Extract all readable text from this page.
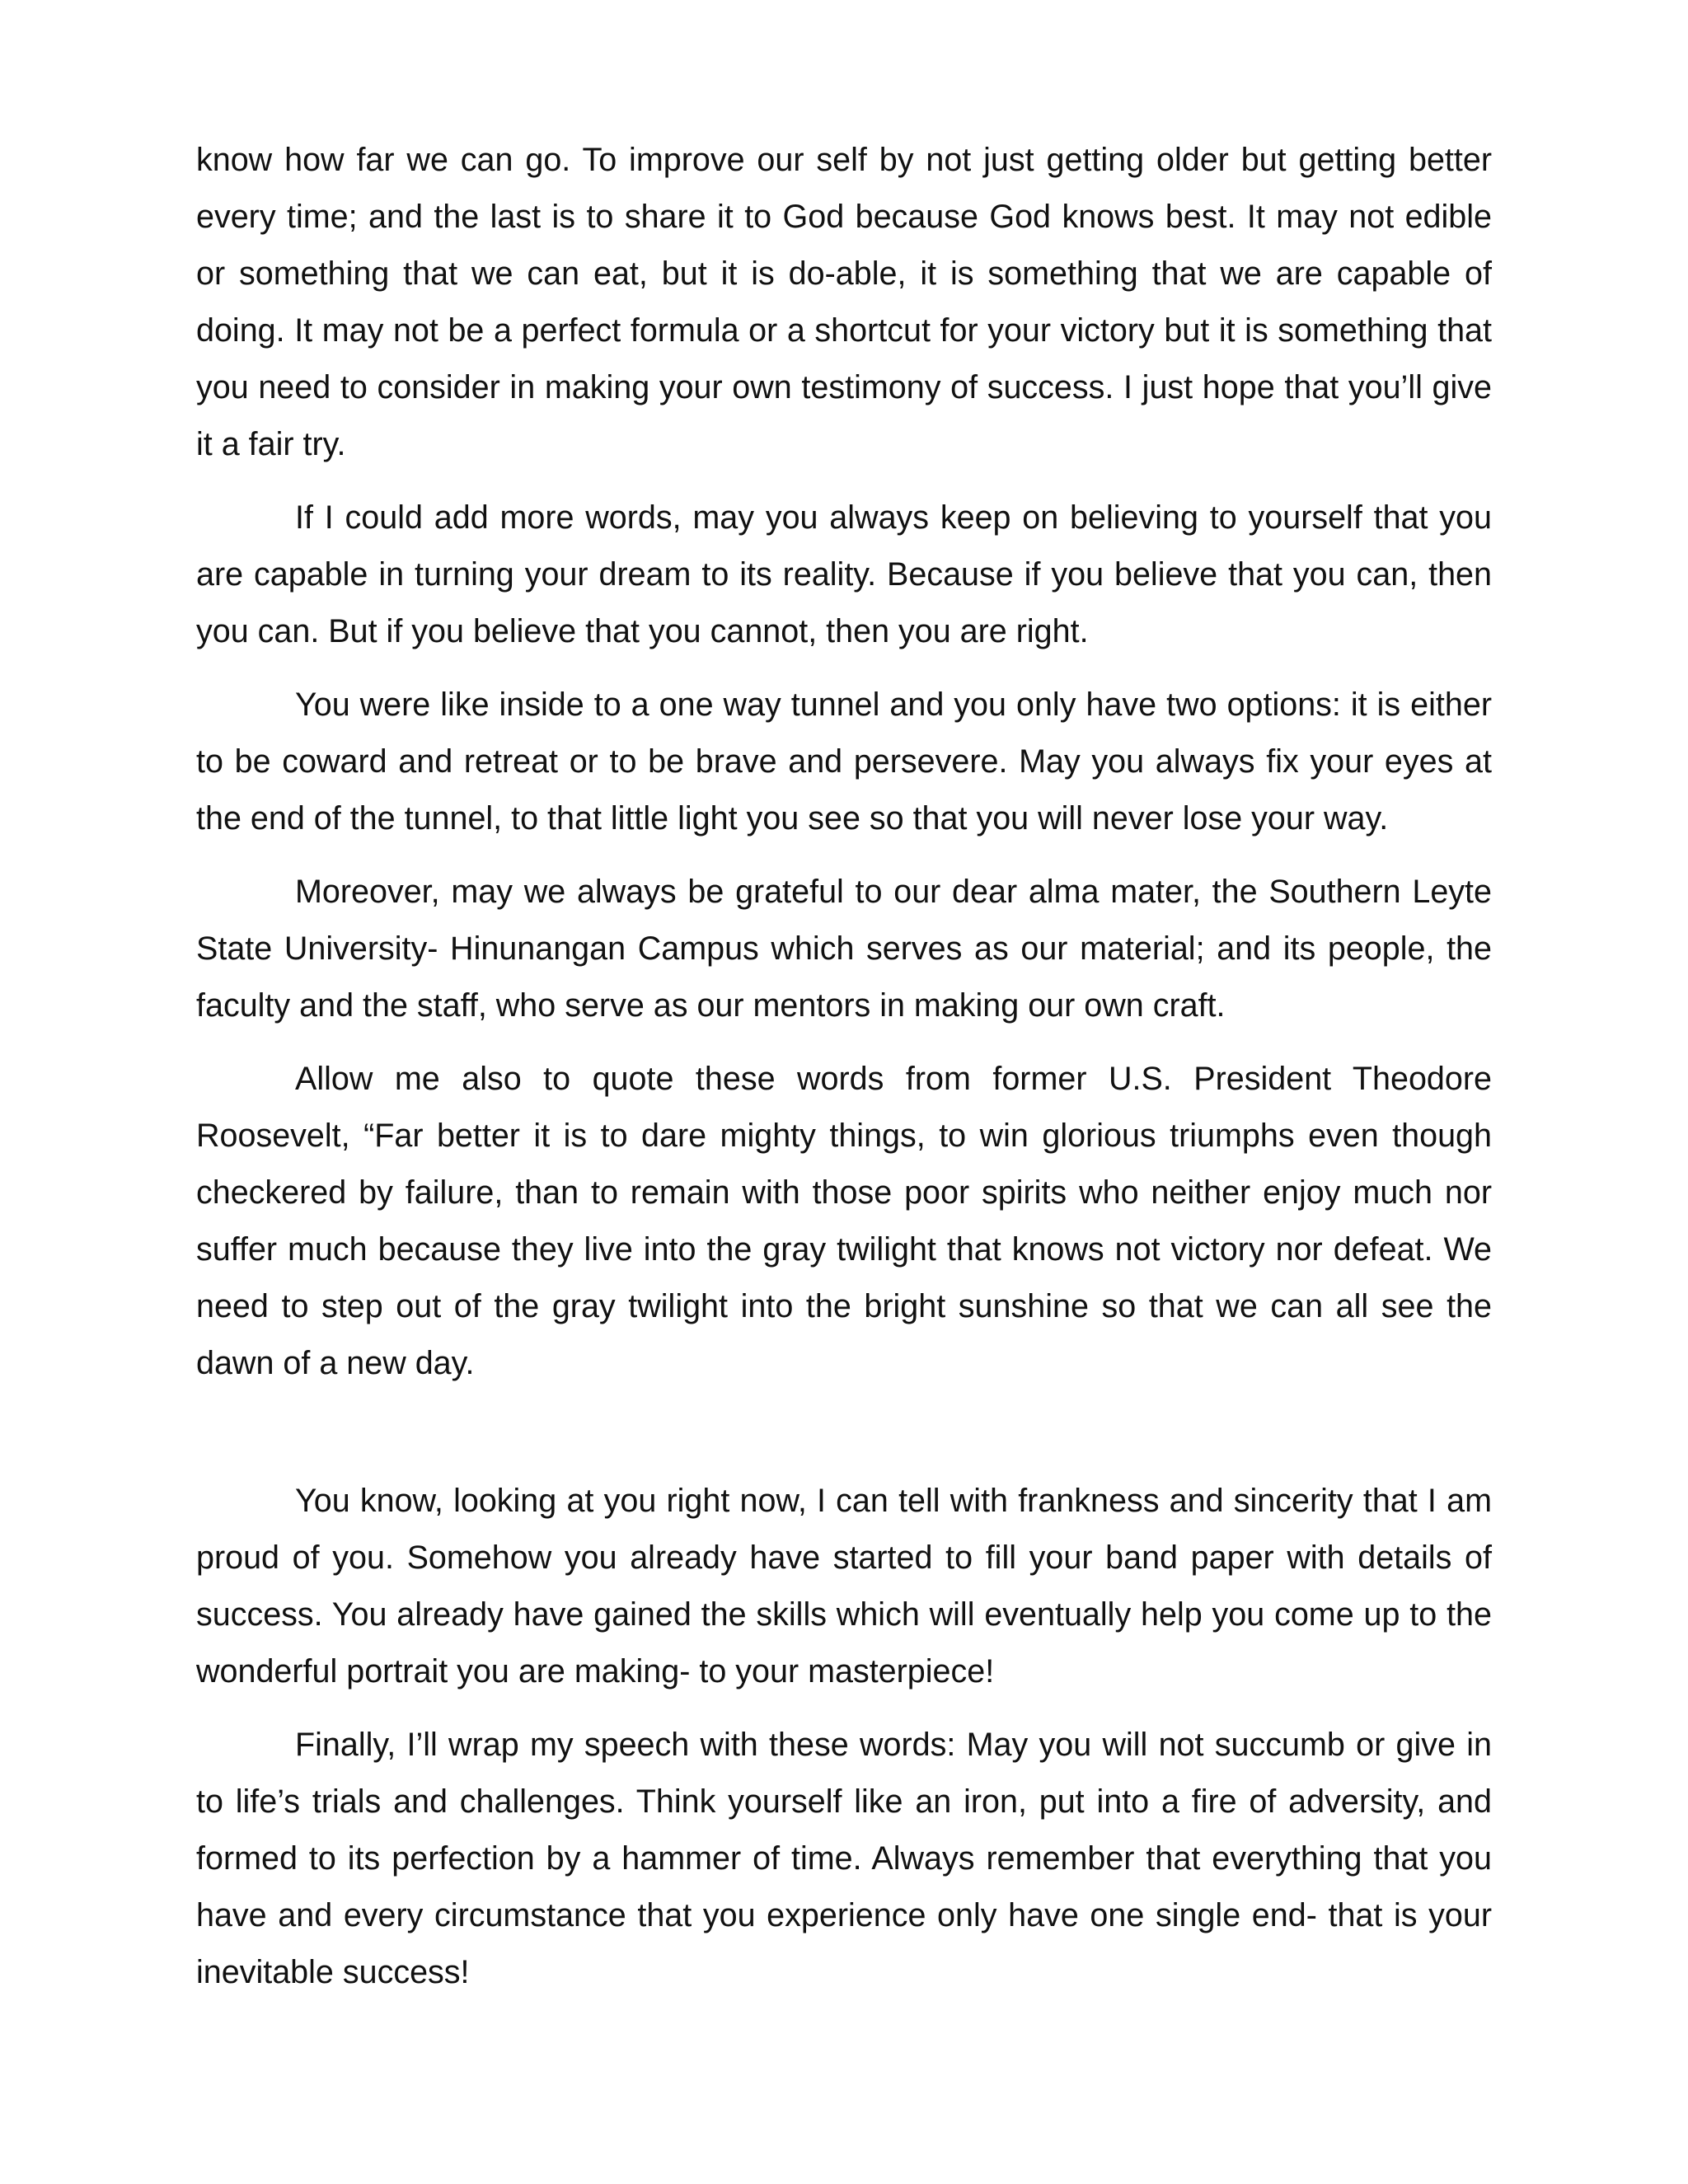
know how far we can go. To improve our self by not just getting older but getting better every time; and the last is to share it to God because God knows best. It may not edible or something that we can eat, but it is do-able, it is something that we are capable of doing. It may not be a perfect formula or a shortcut for your victory but it is something that you need to consider in making your own testimony of success. I just hope that you’ll give it a fair try.

If I could add more words, may you always keep on believing to yourself that you are capable in turning your dream to its reality. Because if you believe that you can, then you can. But if you believe that you cannot, then you are right.

You were like inside to a one way tunnel and you only have two options: it is either to be coward and retreat or to be brave and persevere. May you always fix your eyes at the end of the tunnel, to that little light you see so that you will never lose your way.

Moreover, may we always be grateful to our dear alma mater, the Southern Leyte State University- Hinunangan Campus which serves as our material; and its people, the faculty and the staff, who serve as our mentors in making our own craft.

Allow me also to quote these words from former U.S. President Theodore Roosevelt, “Far better it is to dare mighty things, to win glorious triumphs even though checkered by failure, than to remain with those poor spirits who neither enjoy much nor suffer much because they live into the gray twilight that knows not victory nor defeat. We need to step out of the gray twilight into the bright sunshine so that we can all see the dawn of a new day.

You know, looking at you right now, I can tell with frankness and sincerity that I am proud of you. Somehow you already have started to fill your band paper with details of success. You already have gained the skills which will eventually help you come up to the wonderful portrait you are making- to your masterpiece!

Finally, I’ll wrap my speech with these words: May you will not succumb or give in to life’s trials and challenges. Think yourself like an iron, put into a fire of adversity, and formed to its perfection by a hammer of time. Always remember that everything that you have and every circumstance that you experience only have one single end- that is your inevitable success!
